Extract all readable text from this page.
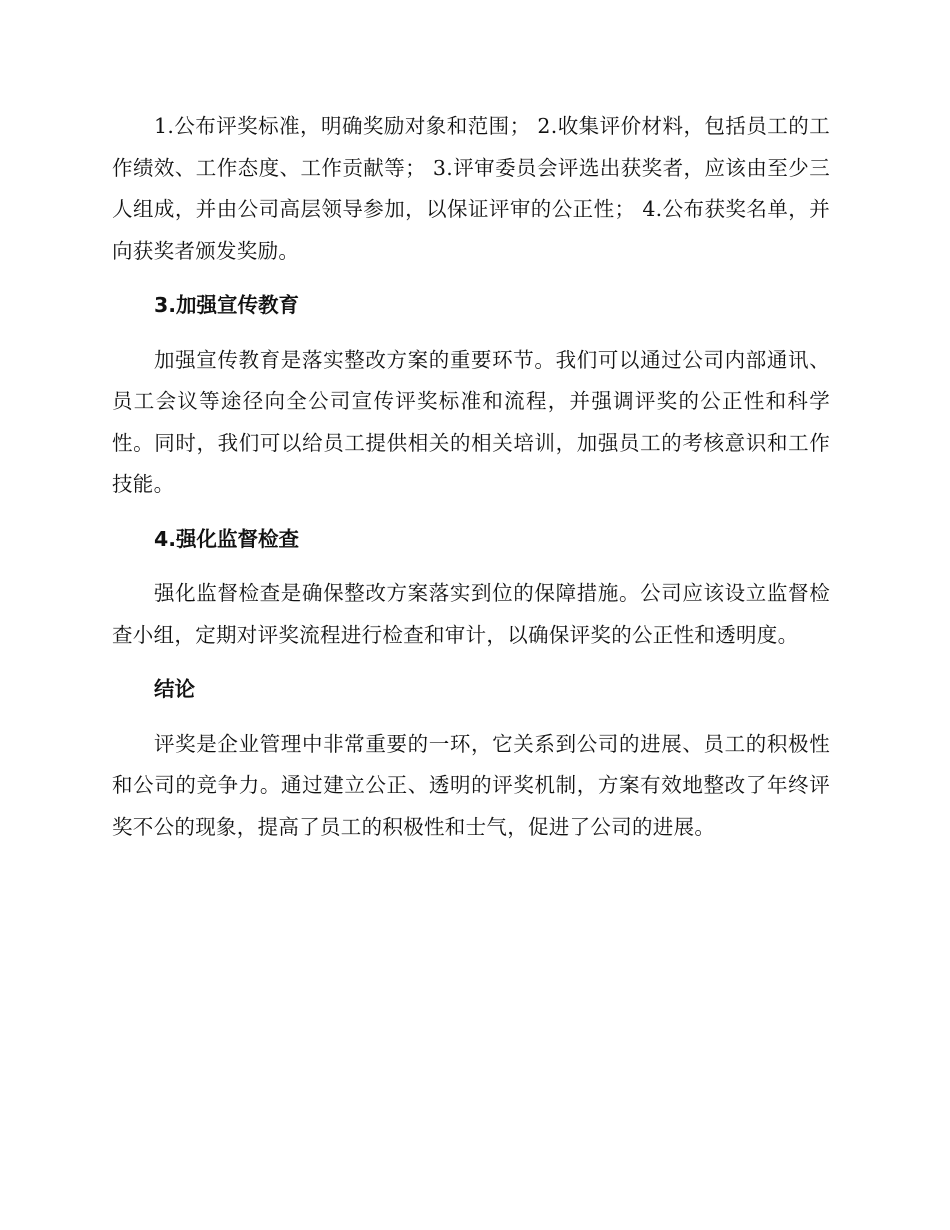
1.公布评奖标准，明确奖励对象和范围； 2.收集评价材料，包括员工的工作绩效、工作态度、工作贡献等； 3.评审委员会评选出获奖者，应该由至少三人组成，并由公司高层领导参加，以保证评审的公正性； 4.公布获奖名单，并向获奖者颁发奖励。

3.加强宣传教育

加强宣传教育是落实整改方案的重要环节。我们可以通过公司内部通讯、员工会议等途径向全公司宣传评奖标准和流程，并强调评奖的公正性和科学性。同时，我们可以给员工提供相关的相关培训，加强员工的考核意识和工作技能。

4.强化监督检查

强化监督检查是确保整改方案落实到位的保障措施。公司应该设立监督检查小组，定期对评奖流程进行检查和审计，以确保评奖的公正性和透明度。

结论

评奖是企业管理中非常重要的一环，它关系到公司的进展、员工的积极性和公司的竞争力。通过建立公正、透明的评奖机制，方案有效地整改了年终评奖不公的现象，提高了员工的积极性和士气，促进了公司的进展。
